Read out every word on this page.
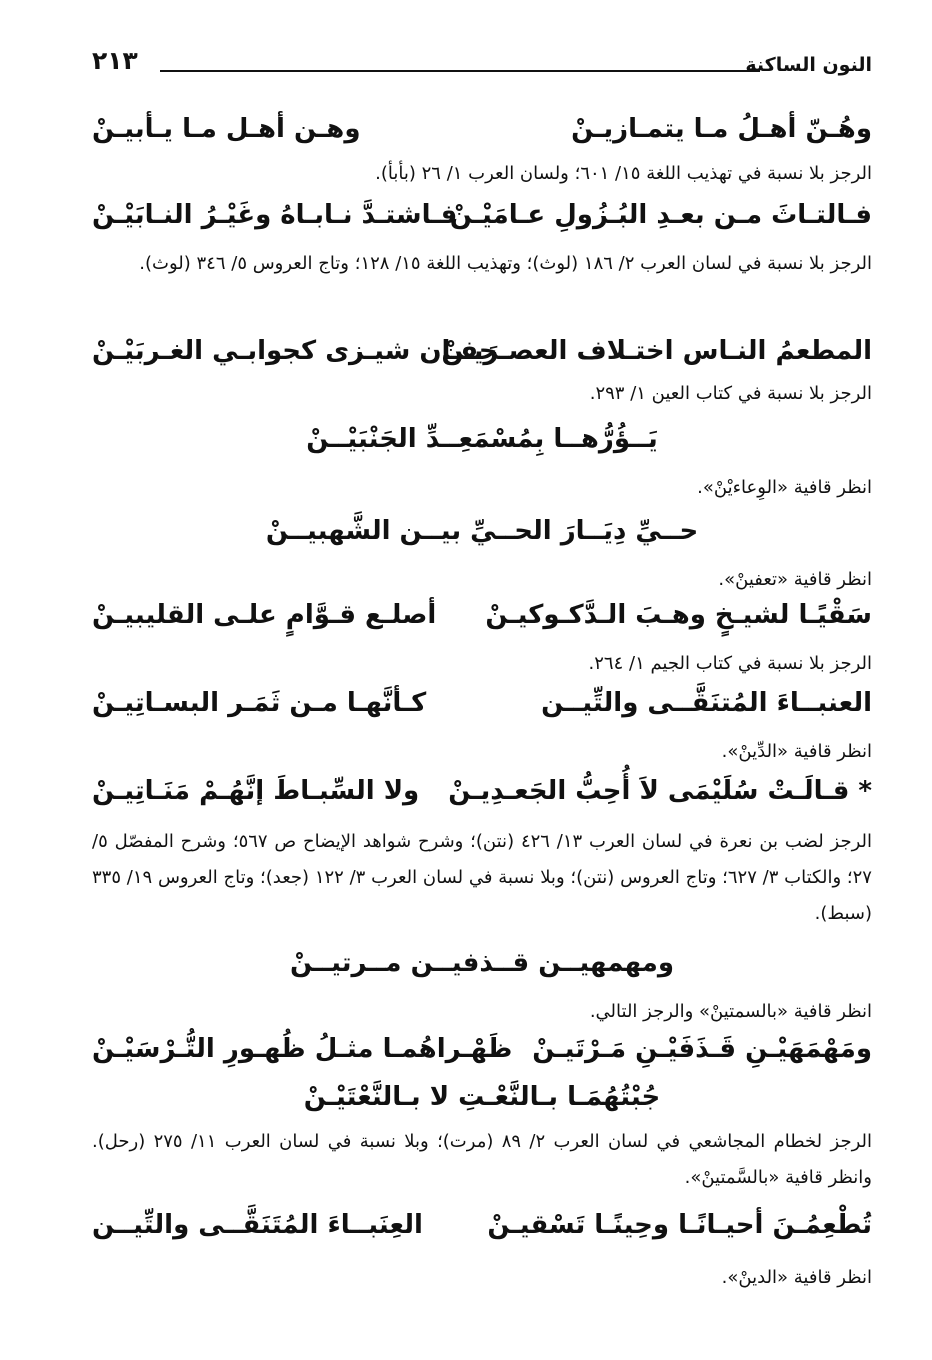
النون الساكنة
٢١٣
وهُـنّ أهـلُ مـا يتمـازيـنْ
وهـن أهـل مـا يـأبيـنْ
الرجز بلا نسبة في تهذيب اللغة ١٥/ ٦٠١؛ ولسان العرب ١/ ٢٦ (بأبأ).
فـالتـاثَ مـن بعـدِ البُـزُولِ عـامَيْـنْ
فـاشتـدَّ نـابـاهُ وغَيْـرُ النـابَيْـنْ
الرجز بلا نسبة في لسان العرب ٢/ ١٨٦ (لوث)؛ وتهذيب اللغة ١٥/ ١٢٨؛ وتاج العروس ٥/ ٣٤٦ (لوث).
المطعمُ النـاس اختـلاف العصـرَيـنْ
جفـان شيـزى كجوابـي الغـربَيْـنْ
الرجز بلا نسبة في كتاب العين ١/ ٢٩٣.
يَــؤُرُّهــا بِمُسْمَعِــدِّ الجَنْبَيْــنْ
انظر قافية «الوِعاءيْنْ».
حــيِّ دِيَــارَ الحــيِّ بيــن الشَّهبيــنْ
انظر قافية «تعفينْ».
سَقْيًـا لشيـخٍ وهـبَ الـدَّكـوكيـنْ
أصلـع قـوَّامٍ علـى القليبيـنْ
الرجز بلا نسبة في كتاب الجيم ١/ ٢٦٤.
العنبــاءَ المُتنَقَّــى والتِّيــن
كـأنَّهـا مـن ثَمَـر البسـاتِيـنْ
انظر قافية «الدِّينْ».
* قـالَـتْ سُلَيْمَى لاَ أُحِبُّ الجَعـدِيـنْ
ولا السِّبـاطَ إنَّهُـمْ مَنَـاتِيـنْ
الرجز لضب بن نعرة في لسان العرب ١٣/ ٤٢٦ (نتن)؛ وشرح شواهد الإيضاح ص ٥٦٧؛ وشرح المفصّل ٥/ ٢٧؛ والكتاب ٣/ ٦٢٧؛ وتاج العروس (نتن)؛ وبلا نسبة في لسان العرب ٣/ ١٢٢ (جعد)؛ وتاج العروس ١٩/ ٣٣٥ (سبط).
ومهمهيــن قــذفيــن مــرتيــنْ
انظر قافية «بالسمتينْ» والرجز التالي.
ومَهْمَهَيْـنِ قَـذَفَيْـنِ مَـرْتَيـنْ
ظَهْـراهُمـا مثـلُ ظُهـورِ التُّـرْسَيْـنْ
جُبْتُهُمَـا بـالنَّعْـتِ لا بـالنَّعْتَيْـنْ
الرجز لخطام المجاشعي في لسان العرب ٢/ ٨٩ (مرت)؛ وبلا نسبة في لسان العرب ١١/ ٢٧٥ (رحل). وانظر قافية «بالسَّمتينْ».
تُطْعِمُـنَ أحيـانًـا وحِينًـا تَسْقيـنْ
العِنَبــاءَ المُتَنَقَّــى والتِّيــن
انظر قافية «الدينْ».
